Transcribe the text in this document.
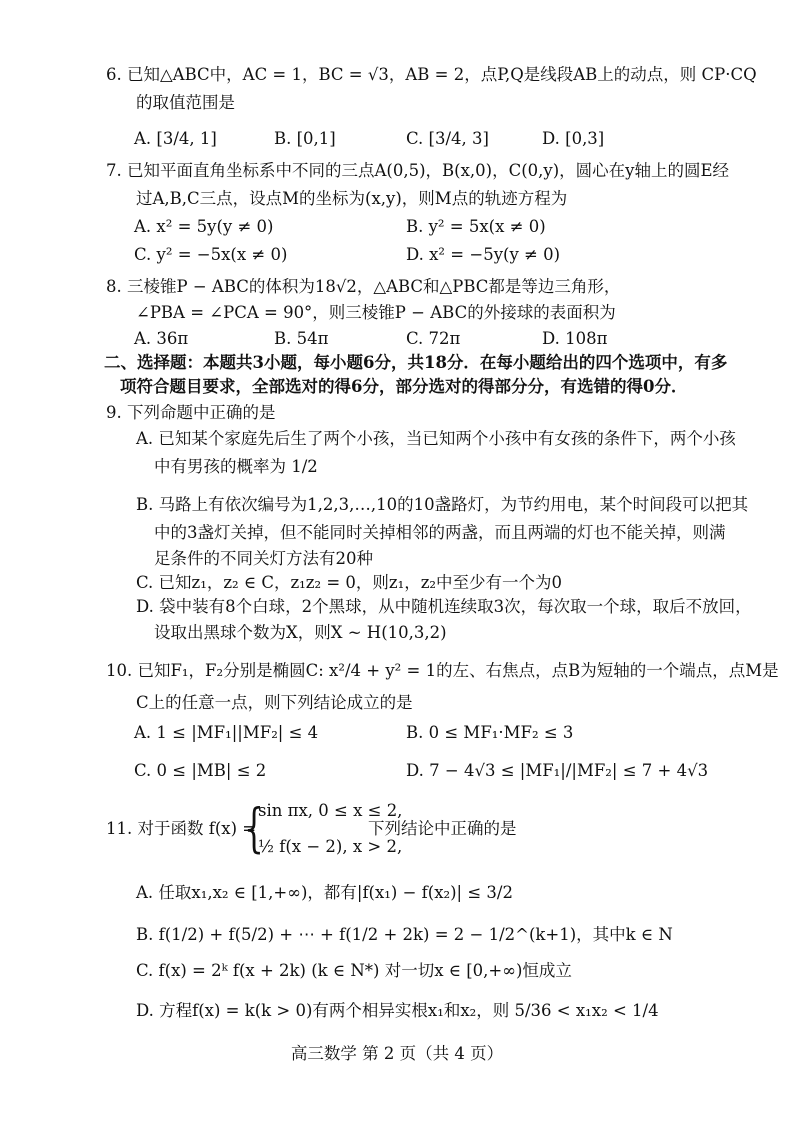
6. 已知△ABC中，AC = 1，BC = √3，AB = 2，点P,Q是线段AB上的动点，则 CP·CQ
的取值范围是
A. [3/4, 1]	B. [0,1]	C. [3/4, 3]	D. [0,3]
7. 已知平面直角坐标系中不同的三点A(0,5)，B(x,0)，C(0,y)，圆心在y轴上的圆E经
过A,B,C三点，设点M的坐标为(x,y)，则M点的轨迹方程为
A. x² = 5y(y ≠ 0)	B. y² = 5x(x ≠ 0)
C. y² = −5x(x ≠ 0)	D. x² = −5y(y ≠ 0)
8. 三棱锥P − ABC的体积为18√2，△ABC和△PBC都是等边三角形，
∠PBA = ∠PCA = 90°，则三棱锥P − ABC的外接球的表面积为
A. 36π	B. 54π	C. 72π	D. 108π
二、选择题：本题共3小题，每小题6分，共18分．在每小题给出的四个选项中，有多
项符合题目要求，全部选对的得6分，部分选对的得部分分，有选错的得0分．
9. 下列命题中正确的是
A. 已知某个家庭先后生了两个小孩，当已知两个小孩中有女孩的条件下，两个小孩
中有男孩的概率为 1/2
B. 马路上有依次编号为1,2,3,…,10的10盏路灯，为节约用电，某个时间段可以把其
中的3盏灯关掉，但不能同时关掉相邻的两盏，而且两端的灯也不能关掉，则满
足条件的不同关灯方法有20种
C. 已知z₁，z₂ ∈ C，z₁z₂ = 0，则z₁，z₂中至少有一个为0
D. 袋中装有8个白球，2个黑球，从中随机连续取3次，每次取一个球，取后不放回，
设取出黑球个数为X，则X ~ H(10,3,2)
10. 已知F₁，F₂分别是椭圆C: x²/4 + y² = 1的左、右焦点，点B为短轴的一个端点，点M是
C上的任意一点，则下列结论成立的是
A. 1 ≤ |MF₁||MF₂| ≤ 4	B. 0 ≤ MF₁·MF₂ ≤ 3
C. 0 ≤ |MB| ≤ 2	D. 7 − 4√3 ≤ |MF₁|/|MF₂| ≤ 7 + 4√3
11. 对于函数 f(x) =
{
sin πx, 0 ≤ x ≤ 2,
½ f(x − 2), x > 2,
下列结论中正确的是
A. 任取x₁,x₂ ∈ [1,+∞)，都有|f(x₁) − f(x₂)| ≤ 3/2
B. f(1/2) + f(5/2) + ⋯ + f(1/2 + 2k) = 2 − 1/2^(k+1)，其中k ∈ N
C. f(x) = 2ᵏ f(x + 2k) (k ∈ N*) 对一切x ∈ [0,+∞)恒成立
D. 方程f(x) = k(k > 0)有两个相异实根x₁和x₂，则 5/36 < x₁x₂ < 1/4
高三数学 第 2 页（共 4 页）
